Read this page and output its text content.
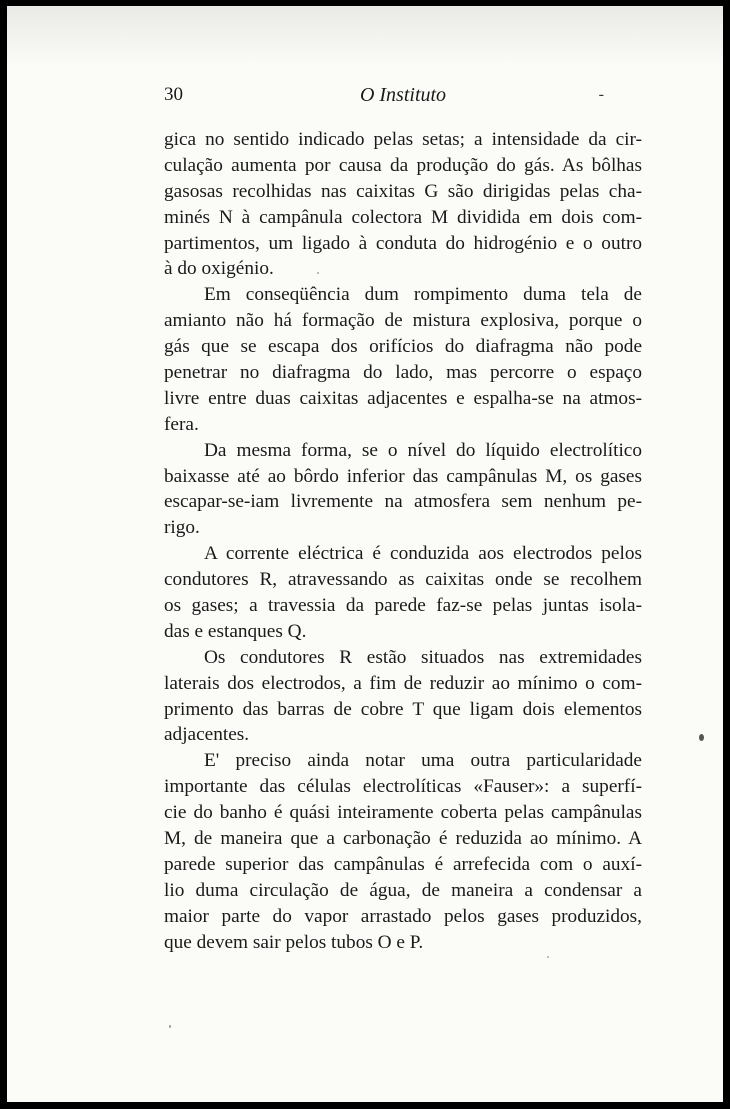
30	O Instituto	-
gica no sentido indicado pelas setas; a intensidade da cir-
culação aumenta por causa da produção do gás. As bôlhas
gasosas recolhidas nas caixitas G são dirigidas pelas cha-
minés N à campânula colectora M dividida em dois com-
partimentos, um ligado à conduta do hidrogénio e o outro
à do oxigénio.
Em conseqüência dum rompimento duma tela de
amianto não há formação de mistura explosiva, porque o
gás que se escapa dos orifícios do diafragma não pode
penetrar no diafragma do lado, mas percorre o espaço
livre entre duas caixitas adjacentes e espalha-se na atmos-
fera.
Da mesma forma, se o nível do líquido electrolítico
baixasse até ao bôrdo inferior das campânulas M, os gases
escapar-se-iam livremente na atmosfera sem nenhum pe-
rigo.
A corrente eléctrica é conduzida aos electrodos pelos
condutores R, atravessando as caixitas onde se recolhem
os gases; a travessia da parede faz-se pelas juntas isola-
das e estanques Q.
Os condutores R estão situados nas extremidades
laterais dos electrodos, a fim de reduzir ao mínimo o com-
primento das barras de cobre T que ligam dois elementos
adjacentes.
E' preciso ainda notar uma outra particularidade
importante das células electrolíticas «Fauser»: a superfí-
cie do banho é quási inteiramente coberta pelas campânulas
M, de maneira que a carbonação é reduzida ao mínimo. A
parede superior das campânulas é arrefecida com o auxí-
lio duma circulação de água, de maneira a condensar a
maior parte do vapor arrastado pelos gases produzidos,
que devem sair pelos tubos O e P.
